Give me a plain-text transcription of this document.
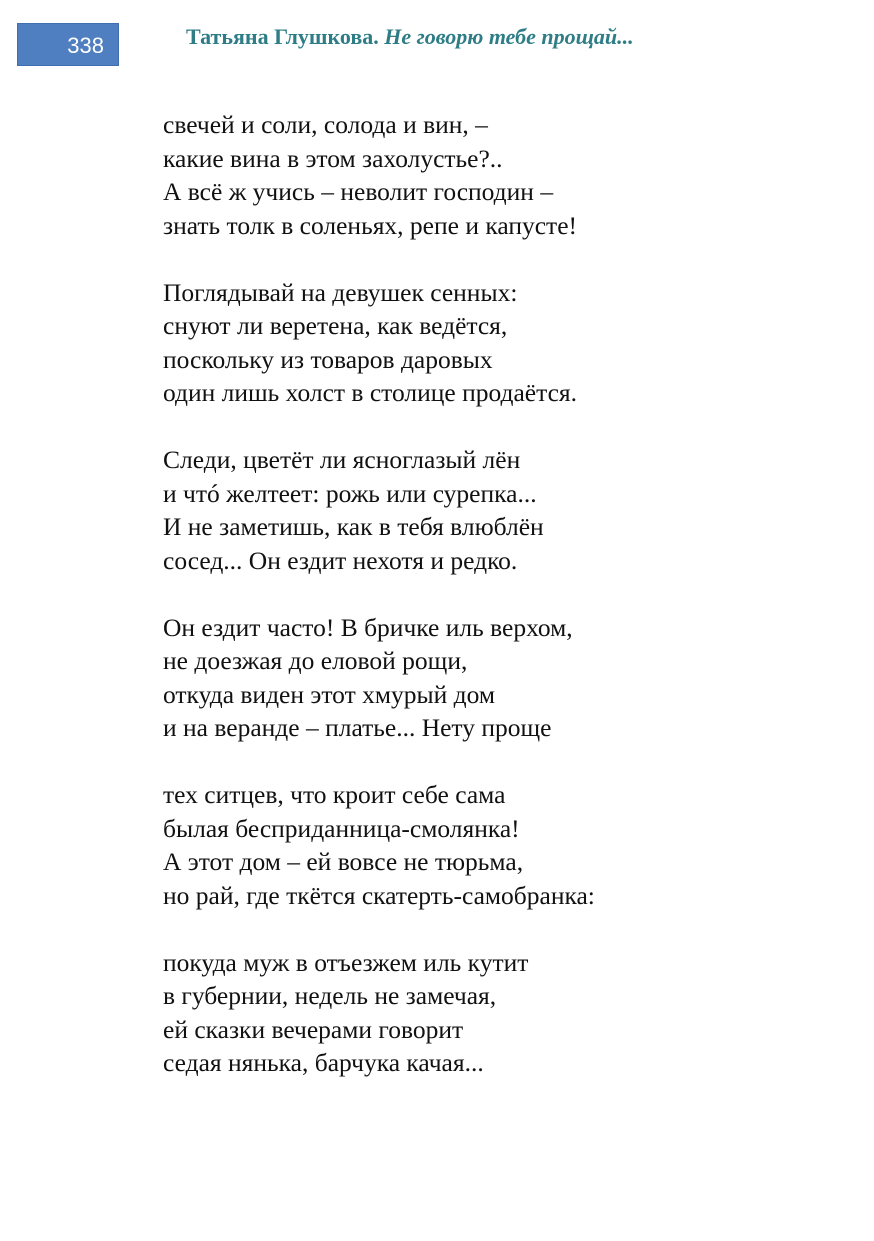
338	Татьяна Глушкова. Не говорю тебе прощай...
свечей и соли, солода и вин, –
какие вина в этом захолустье?..
А всё ж учись – неволит господин –
знать толк в соленьях, репе и капусте!
Поглядывай на девушек сенных:
снуют ли веретена, как ведётся,
поскольку из товаров даровых
один лишь холст в столице продаётся.
Следи, цветёт ли ясноглазый лён
и чтó желтеет: рожь или сурепка...
И не заметишь, как в тебя влюблён
сосед... Он ездит нехотя и редко.
Он ездит часто! В бричке иль верхом,
не доезжая до еловой рощи,
откуда виден этот хмурый дом
и на веранде – платье... Нету проще
тех ситцев, что кроит себе сама
былая бесприданница-смолянка!
А этот дом – ей вовсе не тюрьма,
но рай, где ткётся скатерть-самобранка:
покуда муж в отъезжем иль кутит
в губернии, недель не замечая,
ей сказки вечерами говорит
седая нянька, барчука качая...
